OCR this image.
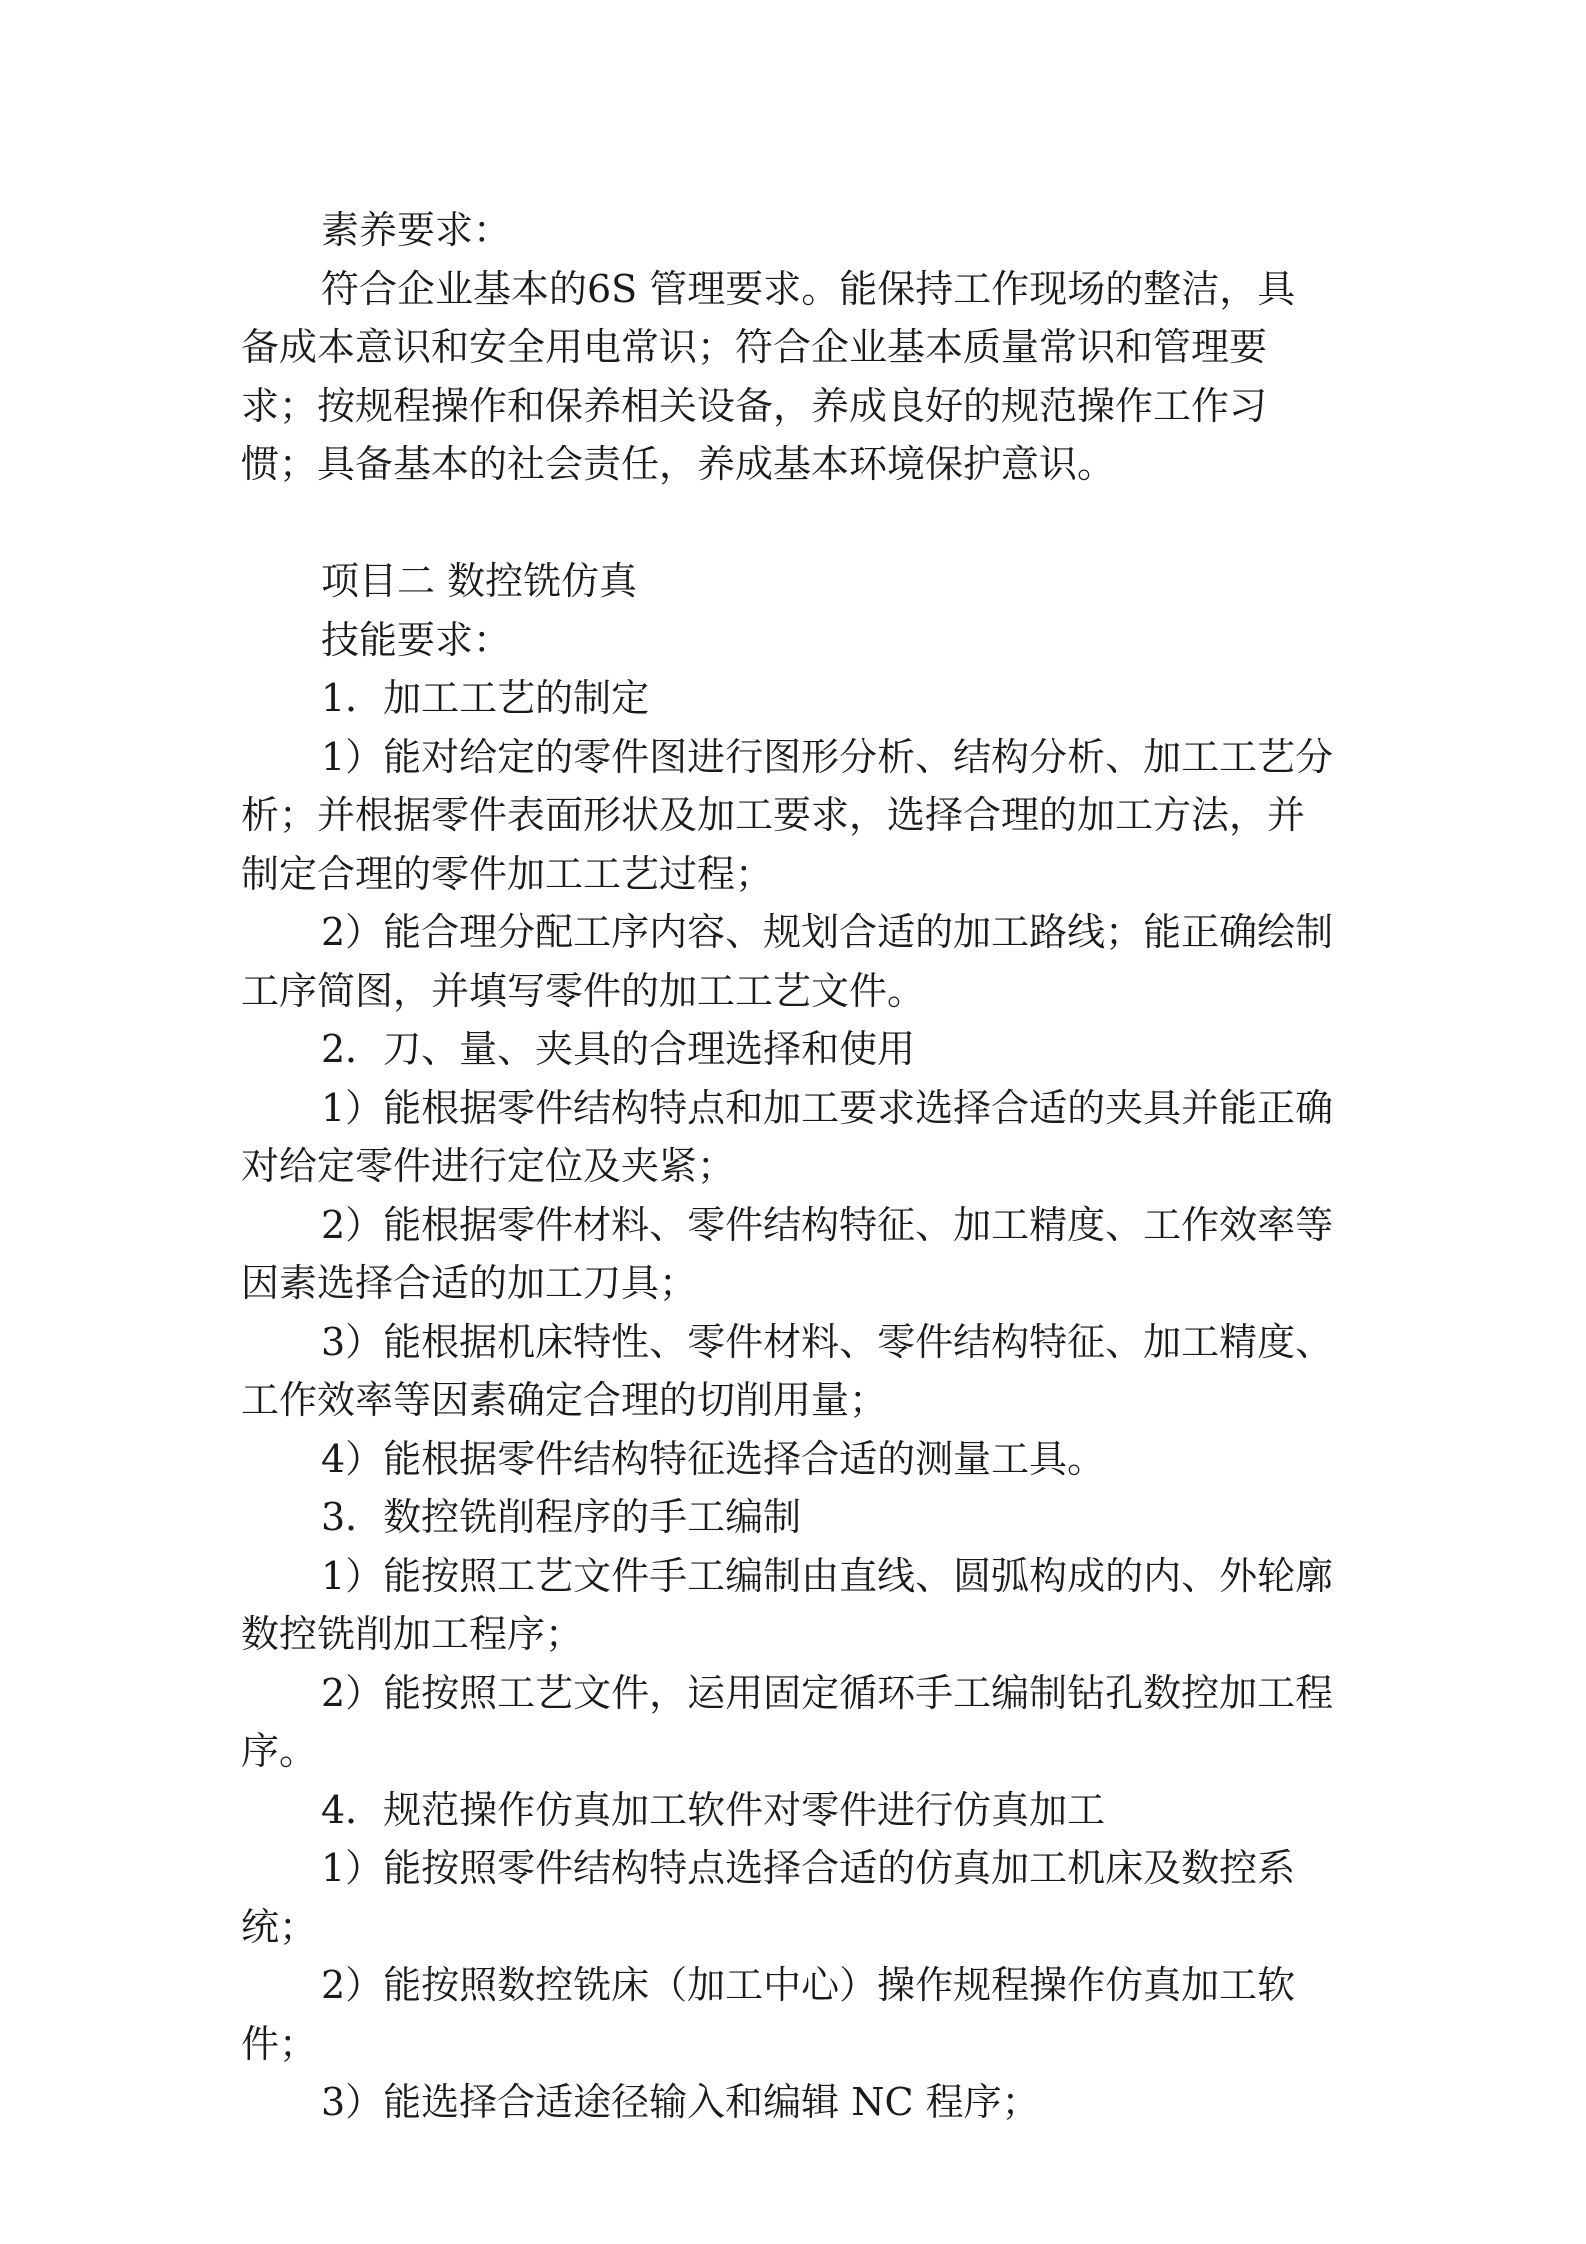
素养要求：
符合企业基本的6S 管理要求。能保持工作现场的整洁，具
备成本意识和安全用电常识；符合企业基本质量常识和管理要
求；按规程操作和保养相关设备，养成良好的规范操作工作习
惯；具备基本的社会责任，养成基本环境保护意识。
项目二 数控铣仿真
技能要求：
1．加工工艺的制定
1）能对给定的零件图进行图形分析、结构分析、加工工艺分
析；并根据零件表面形状及加工要求，选择合理的加工方法，并
制定合理的零件加工工艺过程；
2）能合理分配工序内容、规划合适的加工路线；能正确绘制
工序简图，并填写零件的加工工艺文件。
2．刀、量、夹具的合理选择和使用
1）能根据零件结构特点和加工要求选择合适的夹具并能正确
对给定零件进行定位及夹紧；
2）能根据零件材料、零件结构特征、加工精度、工作效率等
因素选择合适的加工刀具；
3）能根据机床特性、零件材料、零件结构特征、加工精度、
工作效率等因素确定合理的切削用量；
4）能根据零件结构特征选择合适的测量工具。
3．数控铣削程序的手工编制
1）能按照工艺文件手工编制由直线、圆弧构成的内、外轮廓
数控铣削加工程序；
2）能按照工艺文件，运用固定循环手工编制钻孔数控加工程
序。
4．规范操作仿真加工软件对零件进行仿真加工
1）能按照零件结构特点选择合适的仿真加工机床及数控系
统；
2）能按照数控铣床（加工中心）操作规程操作仿真加工软
件；
3）能选择合适途径输入和编辑 NC 程序；
